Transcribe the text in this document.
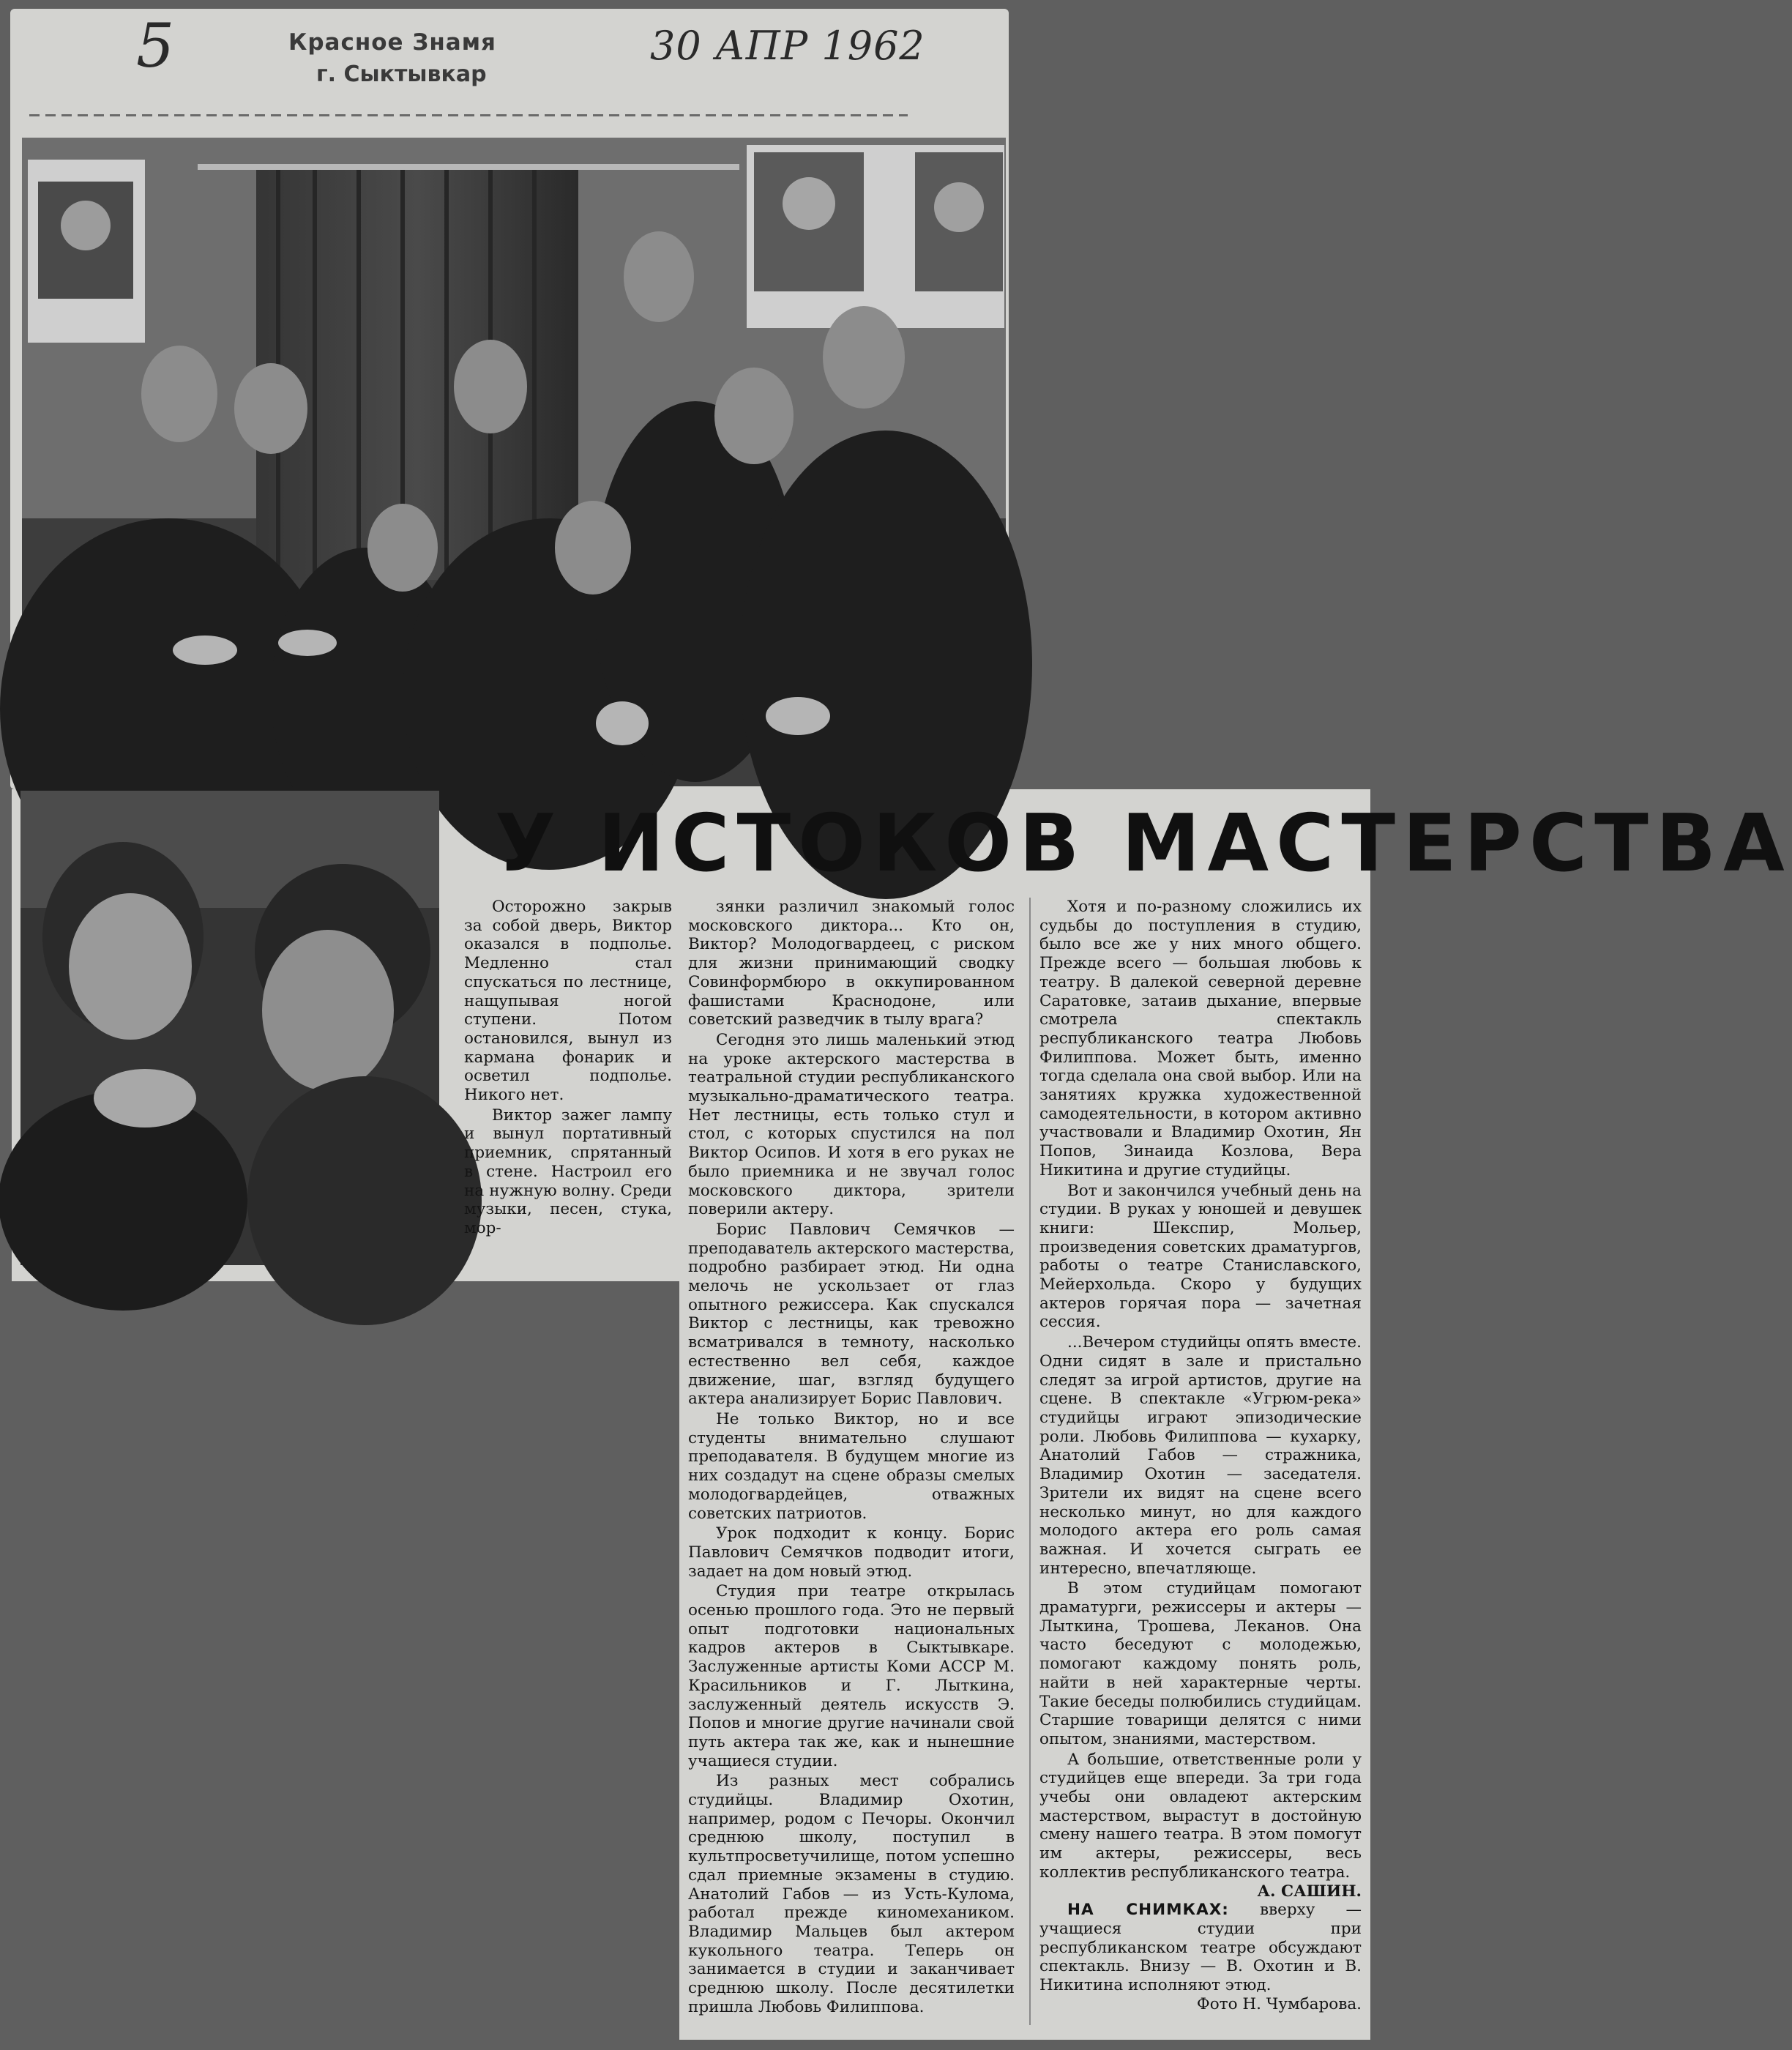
5	Красное Знамя
г. Сыктывкар
30 АПР 1962
У ИСТОКОВ МАСТЕРСТВА

Осторожно закрыв за собой дверь, Виктор оказался в подполье. Медленно стал спускаться по лестнице, нащупывая ногой ступени. Потом остановился, вынул из кармана фонарик и осветил подполье. Никого нет.

Виктор зажег лампу и вынул портативный приемник, спрятанный в стене. Настроил его на нужную волну. Среди музыки, песен, стука, мор-

зянки различил знакомый голос московского диктора... Кто он, Виктор? Молодогвардеец, с риском для жизни принимающий сводку Совинформбюро в оккупированном фашистами Краснодоне, или советский разведчик в тылу врага?

Сегодня это лишь маленький этюд на уроке актерского мастерства в театральной студии республиканского музыкально-драматического театра. Нет лестницы, есть только стул и стол, с которых спустился на пол Виктор Осипов. И хотя в его руках не было приемника и не звучал голос московского диктора, зрители поверили актеру.

Борис Павлович Семячков — преподаватель актерского мастерства, подробно разбирает этюд. Ни одна мелочь не ускользает от глаз опытного режиссера. Как спускался Виктор с лестницы, как тревожно всматривался в темноту, насколько естественно вел себя, каждое движение, шаг, взгляд будущего актера анализирует Борис Павлович.

Не только Виктор, но и все студенты внимательно слушают преподавателя. В будущем многие из них создадут на сцене образы смелых молодогвардейцев, отважных советских патриотов.

Урок подходит к концу. Борис Павлович Семячков подводит итоги, задает на дом новый этюд.

Студия при театре открылась осенью прошлого года. Это не первый опыт подготовки национальных кадров актеров в Сыктывкаре. Заслуженные артисты Коми АССР М. Красильников и Г. Лыткина, заслуженный деятель искусств Э. Попов и многие другие начинали свой путь актера так же, как и нынешние учащиеся студии.

Из разных мест собрались студийцы. Владимир Охотин, например, родом с Печоры. Окончил среднюю школу, поступил в культпросветучилище, потом успешно сдал приемные экзамены в студию. Анатолий Габов — из Усть-Кулома, работал прежде киномехаником. Владимир Мальцев был актером кукольного театра. Теперь он занимается в студии и заканчивает среднюю школу. После десятилетки пришла Любовь Филиппова.

Хотя и по-разному сложились их судьбы до поступления в студию, было все же у них много общего. Прежде всего — большая любовь к театру. В далекой северной деревне Саратовке, затаив дыхание, впервые смотрела спектакль республиканского театра Любовь Филиппова. Может быть, именно тогда сделала она свой выбор. Или на занятиях кружка художественной самодеятельности, в котором активно участвовали и Владимир Охотин, Ян Попов, Зинаида Козлова, Вера Никитина и другие студийцы.

Вот и закончился учебный день на студии. В руках у юношей и девушек книги: Шекспир, Мольер, произведения советских драматургов, работы о театре Станиславского, Мейерхольда. Скоро у будущих актеров горячая пора — зачетная сессия.

...Вечером студийцы опять вместе. Одни сидят в зале и пристально следят за игрой артистов, другие на сцене. В спектакле «Угрюм-река» студийцы играют эпизодические роли. Любовь Филиппова — кухарку, Анатолий Габов — стражника, Владимир Охотин — заседателя. Зрители их видят на сцене всего несколько минут, но для каждого молодого актера его роль самая важная. И хочется сыграть ее интересно, впечатляюще.

В этом студийцам помогают драматурги, режиссеры и актеры — Лыткина, Трошева, Леканов. Она часто беседуют с молодежью, помогают каждому понять роль, найти в ней характерные черты. Такие беседы полюбились студийцам. Старшие товарищи делятся с ними опытом, знаниями, мастерством.

А большие, ответственные роли у студийцев еще впереди. За три года учебы они овладеют актерским мастерством, вырастут в достойную смену нашего театра. В этом помогут им актеры, режиссеры, весь коллектив республиканского театра.

А. САШИН.

НА СНИМКАХ: вверху — учащиеся студии при республиканском театре обсуждают спектакль. Внизу — В. Охотин и В. Никитина исполняют этюд.

Фото Н. Чумбарова.
